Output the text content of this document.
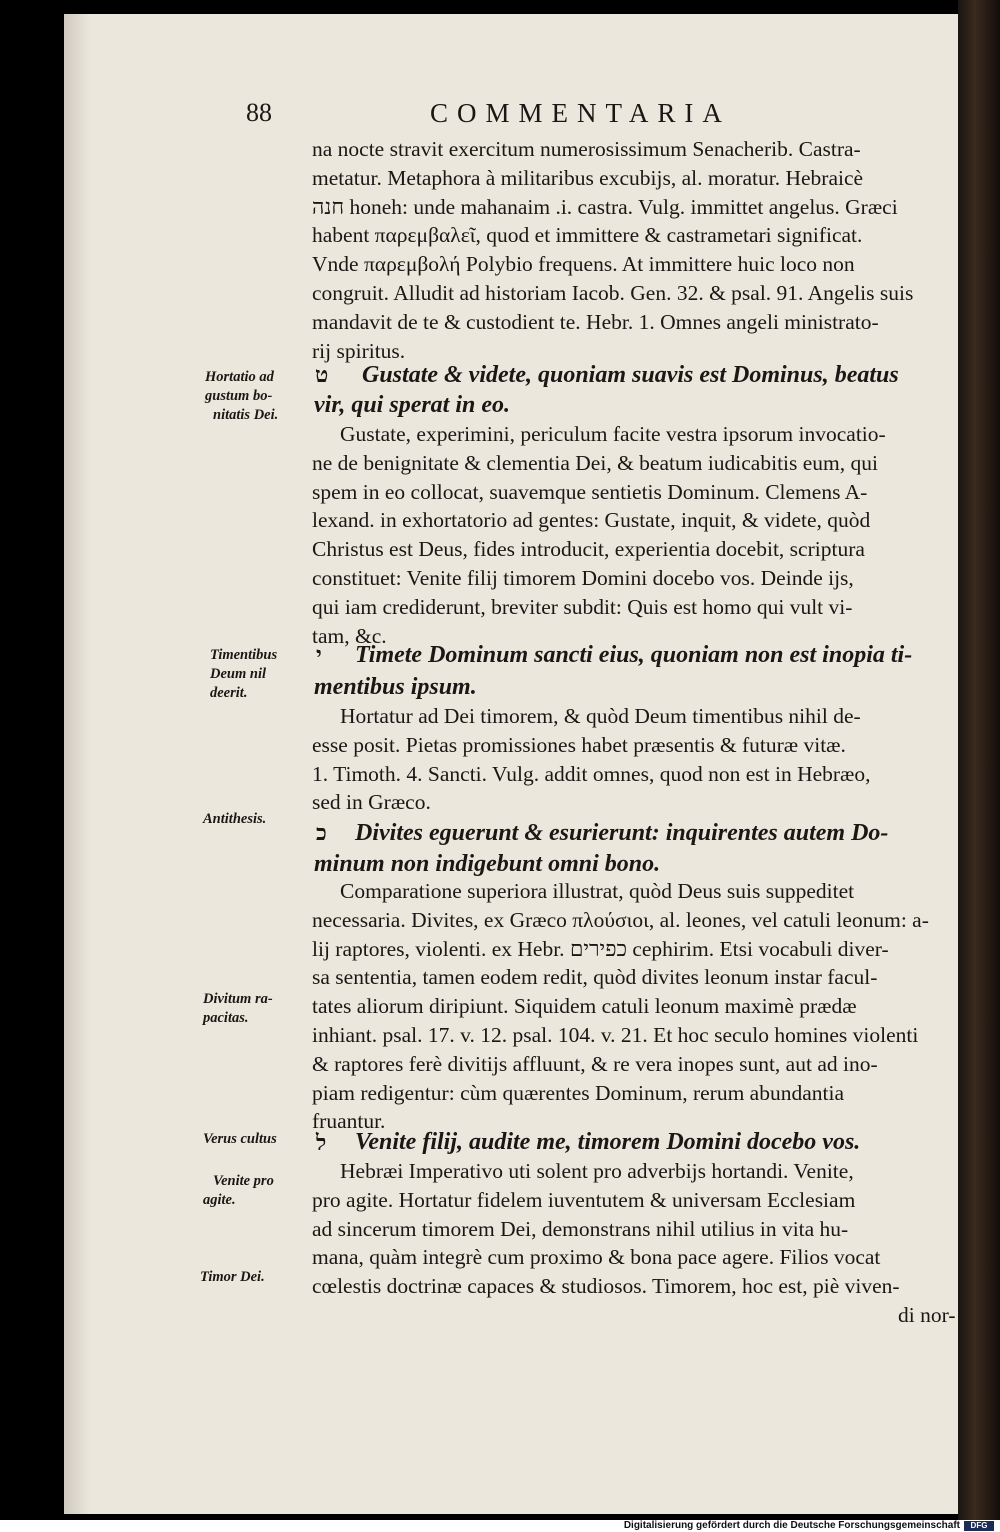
88	COMMENTARIA
na nocte stravit exercitum numerosissimum Senacherib. Castra-
metatur. Metaphora à militaribus excubijs, al. moratur. Hebraicè
חנה honeh: unde mahanaim .i. castra. Vulg. immittet angelus. Græci
habent παρεμβαλεῖ, quod et immittere & castrametari significat.
Vnde παρεμβολή Polybio frequens. At immittere huic loco non
congruit. Alludit ad historiam Iacob. Gen. 32. & psal. 91. Angelis suis
mandavit de te & custodient te. Hebr. 1. Omnes angeli ministrato-
rij spiritus.
ט Gustate & videte, quoniam suavis est Dominus, beatus
vir, qui sperat in eo.
Gustate, experimini, periculum facite vestra ipsorum invocatio-
ne de benignitate & clementia Dei, & beatum iudicabitis eum, qui
spem in eo collocat, suavemque sentietis Dominum. Clemens A-
lexand. in exhortatorio ad gentes: Gustate, inquit, & videte, quòd
Christus est Deus, fides introducit, experientia docebit, scriptura
constituet: Venite filij timorem Domini docebo vos. Deinde ijs,
qui iam crediderunt, breviter subdit: Quis est homo qui vult vi-
tam, &c.
י Timete Dominum sancti eius, quoniam non est inopia ti-
mentibus ipsum.
Hortatur ad Dei timorem, & quòd Deum timentibus nihil de-
esse posit. Pietas promissiones habet præsentis & futuræ vitæ.
1. Timoth. 4. Sancti. Vulg. addit omnes, quod non est in Hebræo,
sed in Græco.
כ Divites eguerunt & esurierunt: inquirentes autem Do-
minum non indigebunt omni bono.
Comparatione superiora illustrat, quòd Deus suis suppeditet
necessaria. Divites, ex Græco πλούσιοι, al. leones, vel catuli leonum: a-
lij raptores, violenti. ex Hebr. כפירים cephirim. Etsi vocabuli diver-
sa sententia, tamen eodem redit, quòd divites leonum instar facul-
tates aliorum diripiunt. Siquidem catuli leonum maximè prædæ
inhiant. psal. 17. v. 12. psal. 104. v. 21. Et hoc seculo homines violenti
& raptores ferè divitijs affluunt, & re vera inopes sunt, aut ad ino-
piam redigentur: cùm quærentes Dominum, rerum abundantia
fruantur.
ל Venite filij, audite me, timorem Domini docebo vos.
Hebræi Imperativo uti solent pro adverbijs hortandi. Venite,
pro agite. Hortatur fidelem iuventutem & universam Ecclesiam
ad sincerum timorem Dei, demonstrans nihil utilius in vita hu-
mana, quàm integrè cum proximo & bona pace agere. Filios vocat
cœlestis doctrinæ capaces & studiosos. Timorem, hoc est, piè viven-
di nor-
Hortatio ad
gustum bo-
nitatis Dei.
Timentibus
Deum nil
deerit.
Antithesis.
Divitum ra-
pacitas.
Verus cultus
Venite pro
agite.
Timor Dei.
Digitalisierung gefördert durch die Deutsche Forschungsgemeinschaft	DFG
